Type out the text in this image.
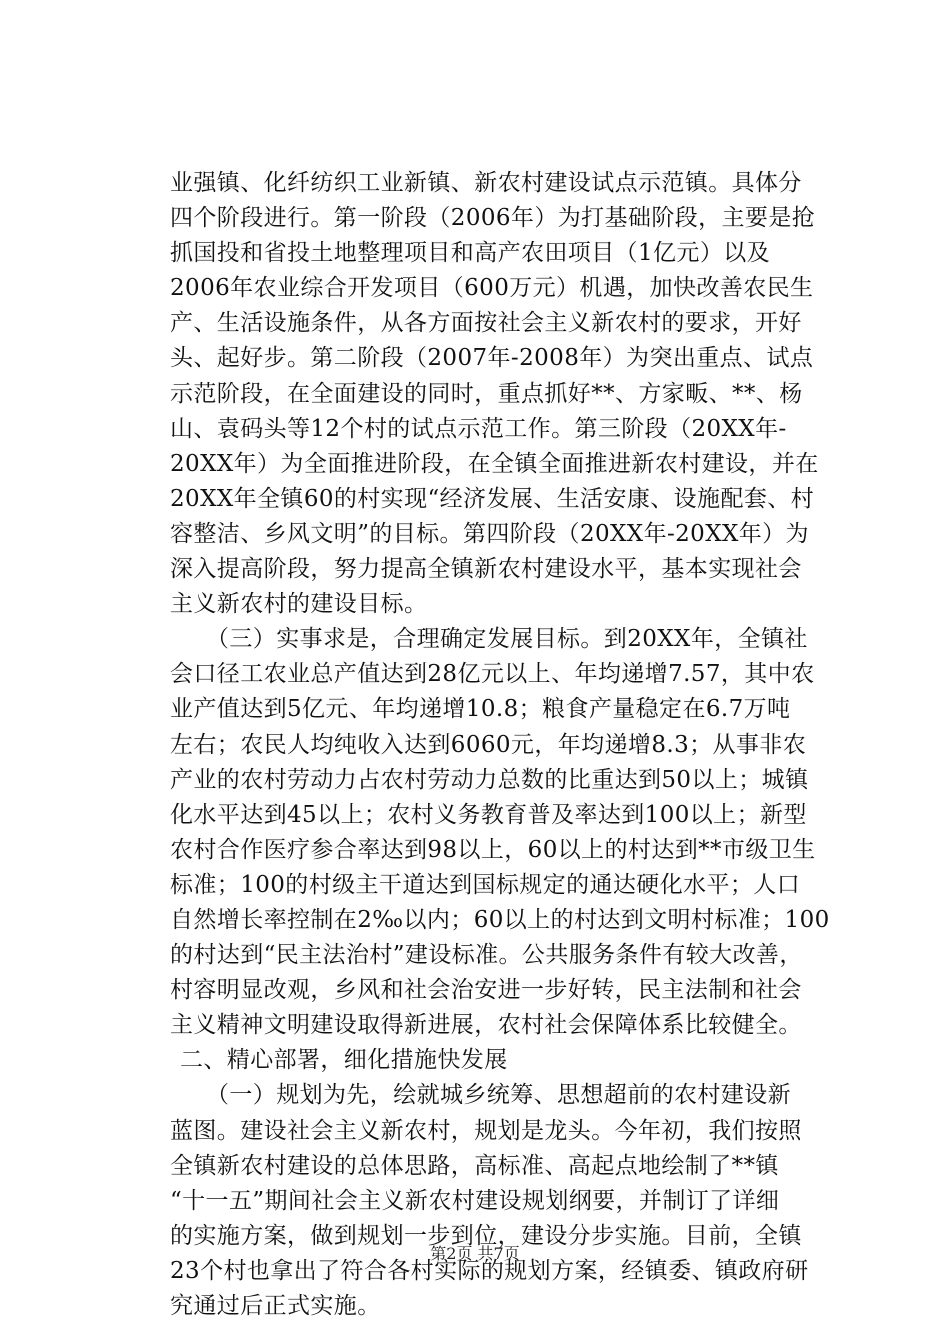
业强镇、化纤纺织工业新镇、新农村建设试点示范镇。具体分
四个阶段进行。第一阶段（2006年）为打基础阶段，主要是抢
抓国投和省投土地整理项目和高产农田项目（1亿元）以及
2006年农业综合开发项目（600万元）机遇，加快改善农民生
产、生活设施条件，从各方面按社会主义新农村的要求，开好
头、起好步。第二阶段（2007年-2008年）为突出重点、试点
示范阶段，在全面建设的同时，重点抓好**、方家畈、**、杨
山、袁码头等12个村的试点示范工作。第三阶段（20XX年-
20XX年）为全面推进阶段，在全镇全面推进新农村建设，并在
20XX年全镇60的村实现“经济发展、生活安康、设施配套、村
容整洁、乡风文明”的目标。第四阶段（20XX年-20XX年）为
深入提高阶段，努力提高全镇新农村建设水平，基本实现社会
主义新农村的建设目标。
（三）实事求是，合理确定发展目标。到20XX年，全镇社
会口径工农业总产值达到28亿元以上、年均递增7.57，其中农
业产值达到5亿元、年均递增10.8；粮食产量稳定在6.7万吨
左右；农民人均纯收入达到6060元，年均递增8.3；从事非农
产业的农村劳动力占农村劳动力总数的比重达到50以上；城镇
化水平达到45以上；农村义务教育普及率达到100以上；新型
农村合作医疗参合率达到98以上，60以上的村达到**市级卫生
标准；100的村级主干道达到国标规定的通达硬化水平；人口
自然增长率控制在2‰以内；60以上的村达到文明村标准；100
的村达到“民主法治村”建设标准。公共服务条件有较大改善，
村容明显改观，乡风和社会治安进一步好转，民主法制和社会
主义精神文明建设取得新进展，农村社会保障体系比较健全。
二、精心部署，细化措施快发展
（一）规划为先，绘就城乡统筹、思想超前的农村建设新
蓝图。建设社会主义新农村，规划是龙头。今年初，我们按照
全镇新农村建设的总体思路，高标准、高起点地绘制了**镇
“十一五”期间社会主义新农村建设规划纲要，并制订了详细
的实施方案，做到规划一步到位，建设分步实施。目前，全镇
23个村也拿出了符合各村实际的规划方案，经镇委、镇政府研
究通过后正式实施。
第2页 共7页
